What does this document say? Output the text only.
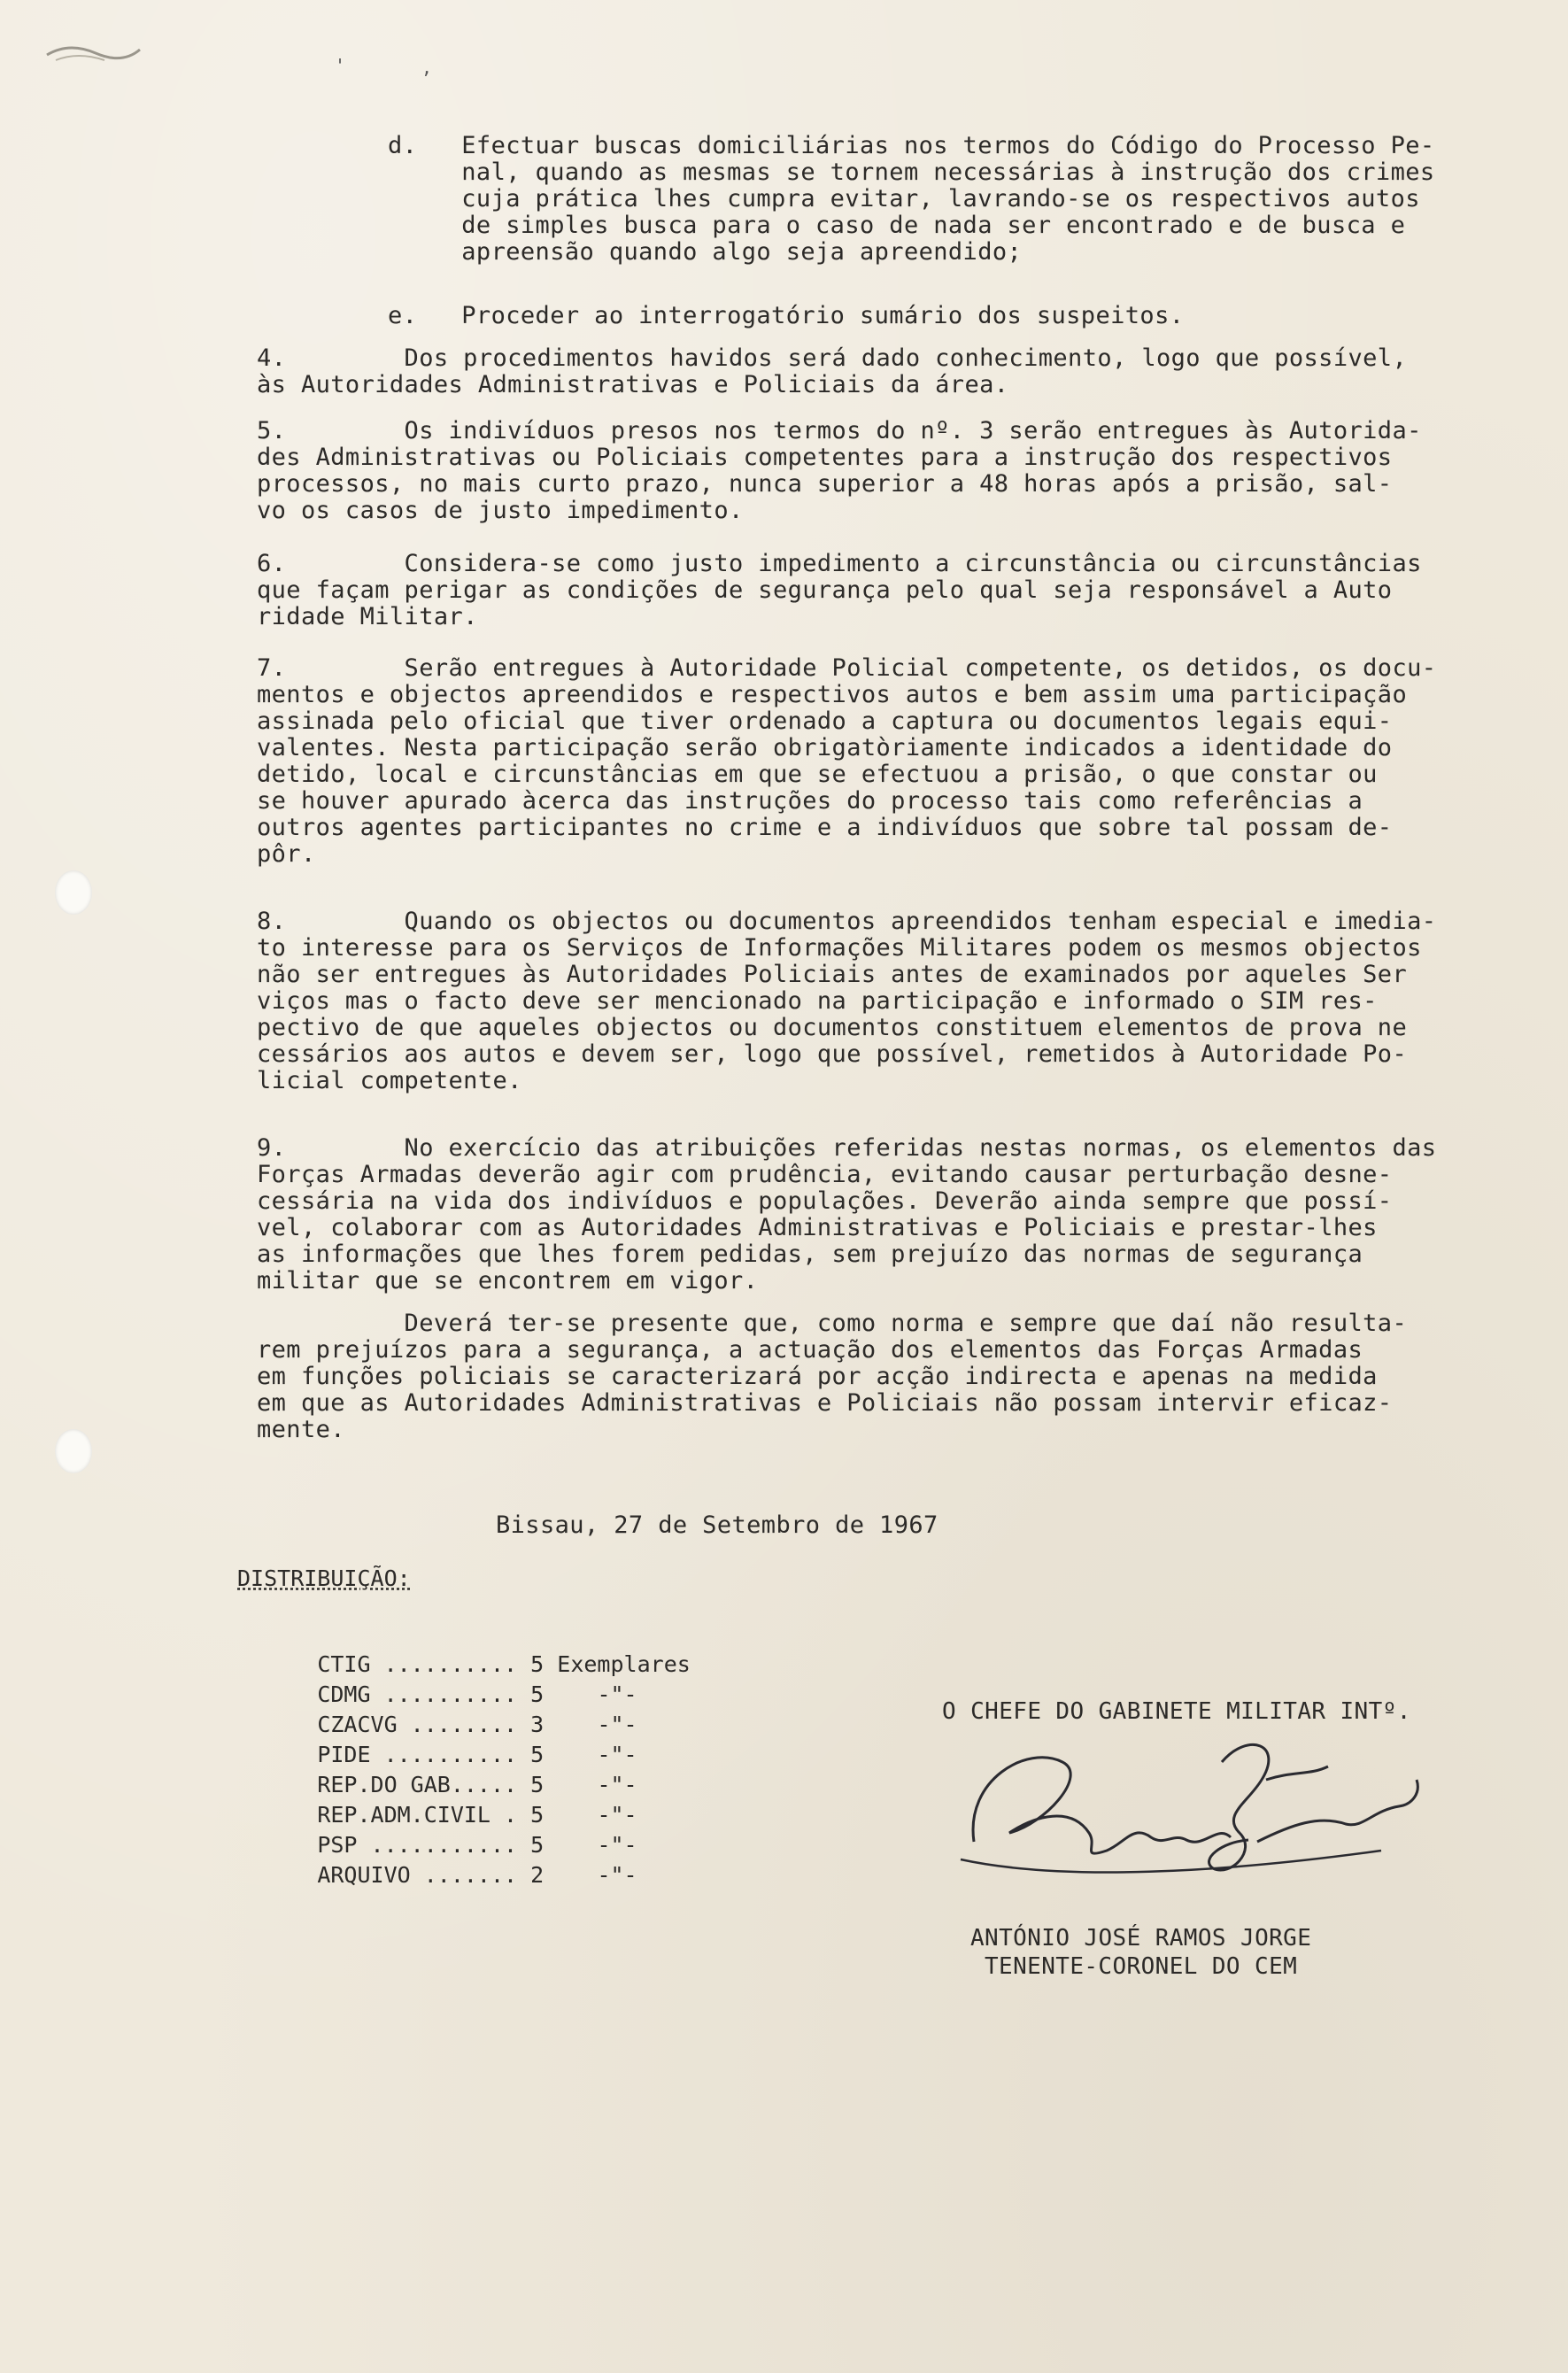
'	,
d.   Efectuar buscas domiciliárias nos termos do Código do Processo Pe-
nal, quando as mesmas se tornem necessárias à instrução dos crimes
cuja prática lhes cumpra evitar, lavrando-se os respectivos autos
de simples busca para o caso de nada ser encontrado e de busca e
apreensão quando algo seja apreendido;
e.   Proceder ao interrogatório sumário dos suspeitos.
4.        Dos procedimentos havidos será dado conhecimento, logo que possível,
às Autoridades Administrativas e Policiais da área.
5.        Os indivíduos presos nos termos do nº. 3 serão entregues às Autorida-
des Administrativas ou Policiais competentes para a instrução dos respectivos
processos, no mais curto prazo, nunca superior a 48 horas após a prisão, sal-
vo os casos de justo impedimento.
6.        Considera-se como justo impedimento a circunstância ou circunstâncias
que façam perigar as condições de segurança pelo qual seja responsável a Auto
ridade Militar.
7.        Serão entregues à Autoridade Policial competente, os detidos, os docu-
mentos e objectos apreendidos e respectivos autos e bem assim uma participação
assinada pelo oficial que tiver ordenado a captura ou documentos legais equi-
valentes. Nesta participação serão obrigatòriamente indicados a identidade do
detido, local e circunstâncias em que se efectuou a prisão, o que constar ou
se houver apurado àcerca das instruções do processo tais como referências a
outros agentes participantes no crime e a indivíduos que sobre tal possam de-
pôr.
8.        Quando os objectos ou documentos apreendidos tenham especial e imedia-
to interesse para os Serviços de Informações Militares podem os mesmos objectos
não ser entregues às Autoridades Policiais antes de examinados por aqueles Ser
viços mas o facto deve ser mencionado na participação e informado o SIM res-
pectivo de que aqueles objectos ou documentos constituem elementos de prova ne
cessários aos autos e devem ser, logo que possível, remetidos à Autoridade Po-
licial competente.
9.        No exercício das atribuições referidas nestas normas, os elementos das
Forças Armadas deverão agir com prudência, evitando causar perturbação desne-
cessária na vida dos indivíduos e populações. Deverão ainda sempre que possí-
vel, colaborar com as Autoridades Administrativas e Policiais e prestar-lhes
as informações que lhes forem pedidas, sem prejuízo das normas de segurança
militar que se encontrem em vigor.
Deverá ter-se presente que, como norma e sempre que daí não resulta-
rem prejuízos para a segurança, a actuação dos elementos das Forças Armadas
em funções policiais se caracterizará por acção indirecta e apenas na medida
em que as Autoridades Administrativas e Policiais não possam intervir eficaz-
mente.
Bissau, 27 de Setembro de 1967
DISTRIBUIÇÃO:

CTIG .......... 5 Exemplares

CDMG .......... 5 -"-

CZACVG ........ 3 -"-

PIDE .......... 5 -"-

REP.DO GAB..... 5 -"-

REP.ADM.CIVIL . 5 -"-

PSP ........... 5 -"-

ARQUIVO ....... 2 -"-

O CHEFE DO GABINETE MILITAR INTº.
ANTÓNIO JOSÉ RAMOS JORGE
TENENTE-CORONEL DO CEM
